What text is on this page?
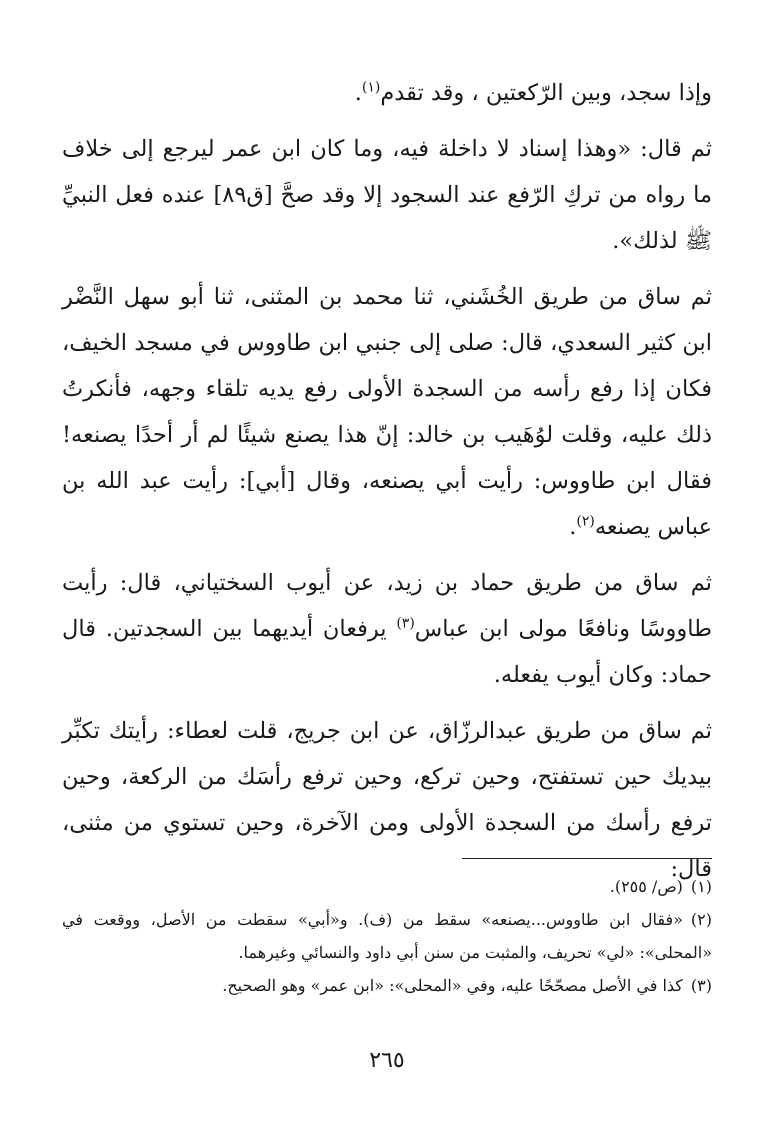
وإذا سجد، وبين الرّكعتين ، وقد تقدم$^{(١)}$.

ثم قال: «وهذا إسناد لا داخلة فيه، وما كان ابن عمر ليرجع إلى خلاف ما رواه من تركِ الرّفع عند السجود إلا وقد صحَّ [ق٨٩] عنده فعل النبيِّ ﷺ لذلك».

ثم ساق من طريق الخُشَني، ثنا محمد بن المثنى، ثنا أبو سهل النَّضْر ابن كثير السعدي، قال: صلى إلى جنبي ابن طاووس في مسجد الخيف، فكان إذا رفع رأسه من السجدة الأولى رفع يديه تلقاء وجهه، فأنكرتُ ذلك عليه، وقلت لوُهَيب بن خالد: إنّ هذا يصنع شيئًا لم أر أحدًا يصنعه! فقال ابن طاووس: رأيت أبي يصنعه، وقال [أبي]: رأيت عبد الله بن عباس يصنعه$^{(٢)}$.

ثم ساق من طريق حماد بن زيد، عن أيوب السختياني، قال: رأيت طاووسًا ونافعًا مولى ابن عباس$^{(٣)}$ يرفعان أيديهما بين السجدتين. قال حماد: وكان أيوب يفعله.

ثم ساق من طريق عبدالرزّاق، عن ابن جريج، قلت لعطاء: رأيتك تكبِّر بيديك حين تستفتح، وحين تركع، وحين ترفع رأسَك من الركعة، وحين ترفع رأسك من السجدة الأولى ومن الآخرة، وحين تستوي من مثنى، قال:

(١)(ص/ ٢٥٥).

(٢)«فقال ابن طاووس...يصنعه» سقط من (ف). و«أبي» سقطت من الأصل، ووقعت في «المحلى»: «لي» تحريف، والمثبت من سنن أبي داود والنسائي وغيرهما.

(٣)كذا في الأصل مصحّحًا عليه، وفي «المحلى»: «ابن عمر» وهو الصحيح.

٢٦٥
